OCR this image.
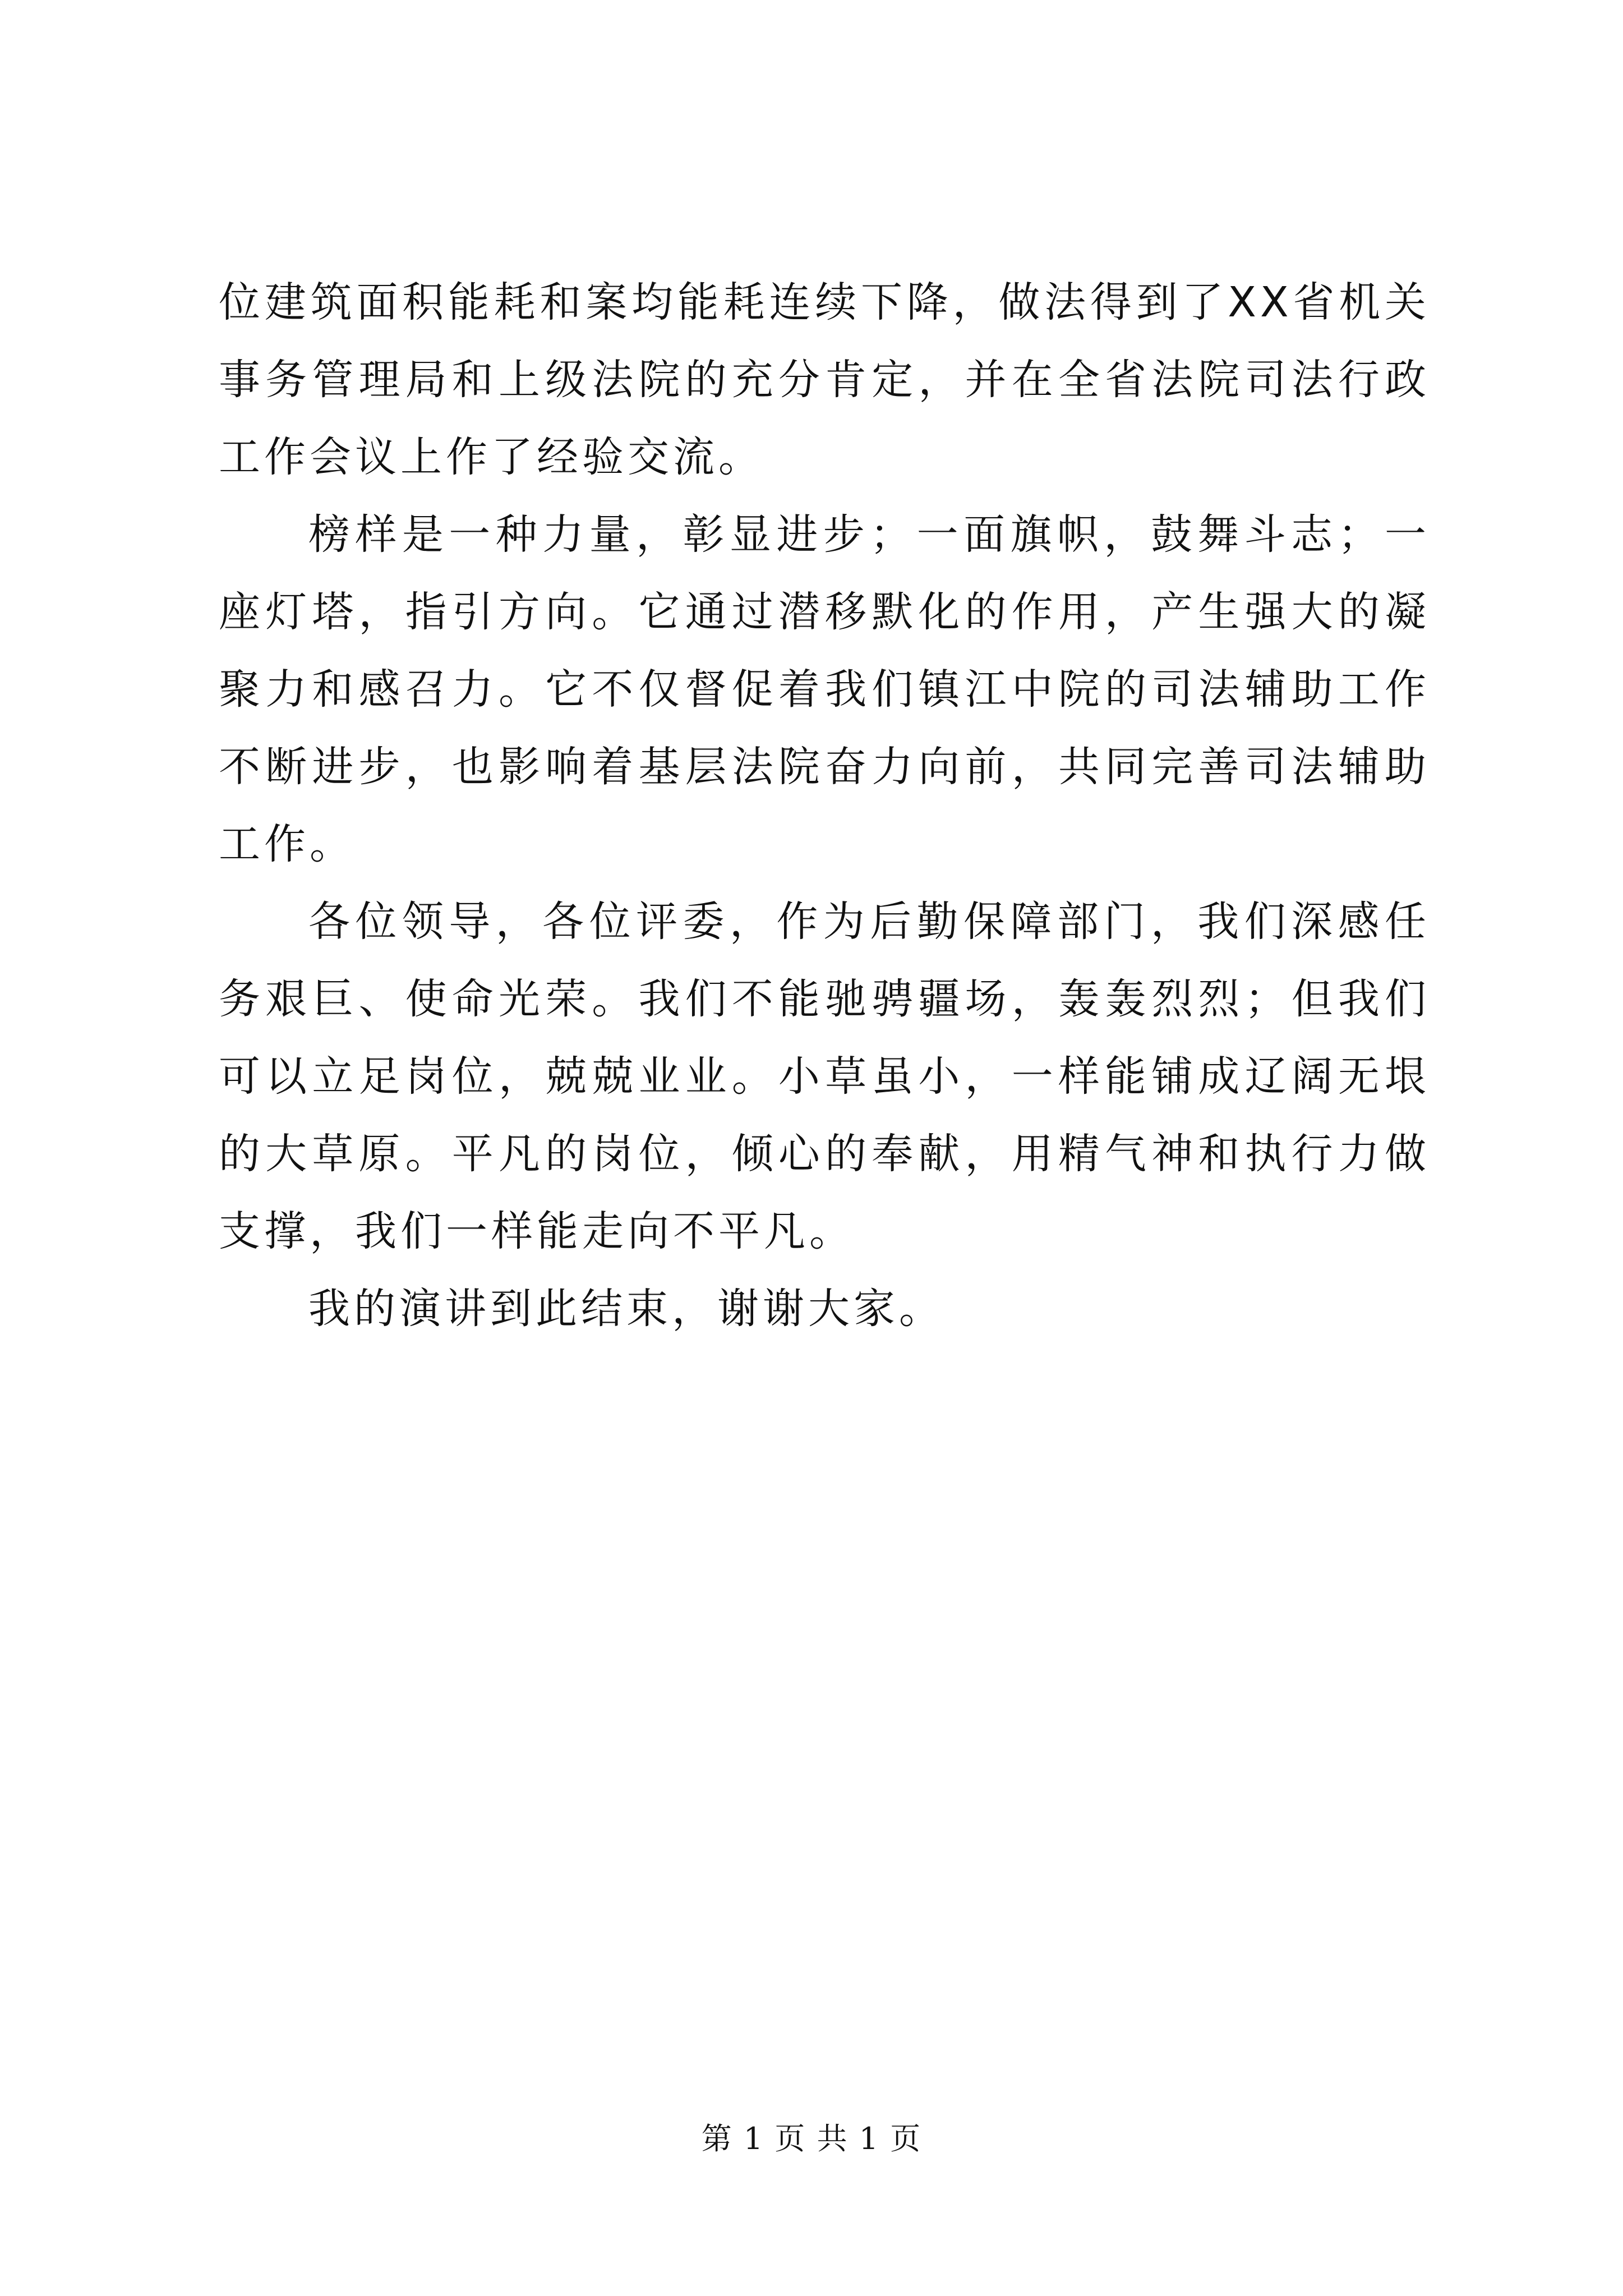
位建筑面积能耗和案均能耗连续下降，做法得到了XX省机关事务管理局和上级法院的充分肯定，并在全省法院司法行政工作会议上作了经验交流。

榜样是一种力量，彰显进步；一面旗帜，鼓舞斗志；一座灯塔，指引方向。它通过潜移默化的作用，产生强大的凝聚力和感召力。它不仅督促着我们镇江中院的司法辅助工作不断进步，也影响着基层法院奋力向前，共同完善司法辅助工作。

各位领导，各位评委，作为后勤保障部门，我们深感任务艰巨、使命光荣。我们不能驰骋疆场，轰轰烈烈；但我们可以立足岗位，兢兢业业。小草虽小，一样能铺成辽阔无垠的大草原。平凡的岗位，倾心的奉献，用精气神和执行力做支撑，我们一样能走向不平凡。

我的演讲到此结束，谢谢大家。

第 1 页 共 1 页
